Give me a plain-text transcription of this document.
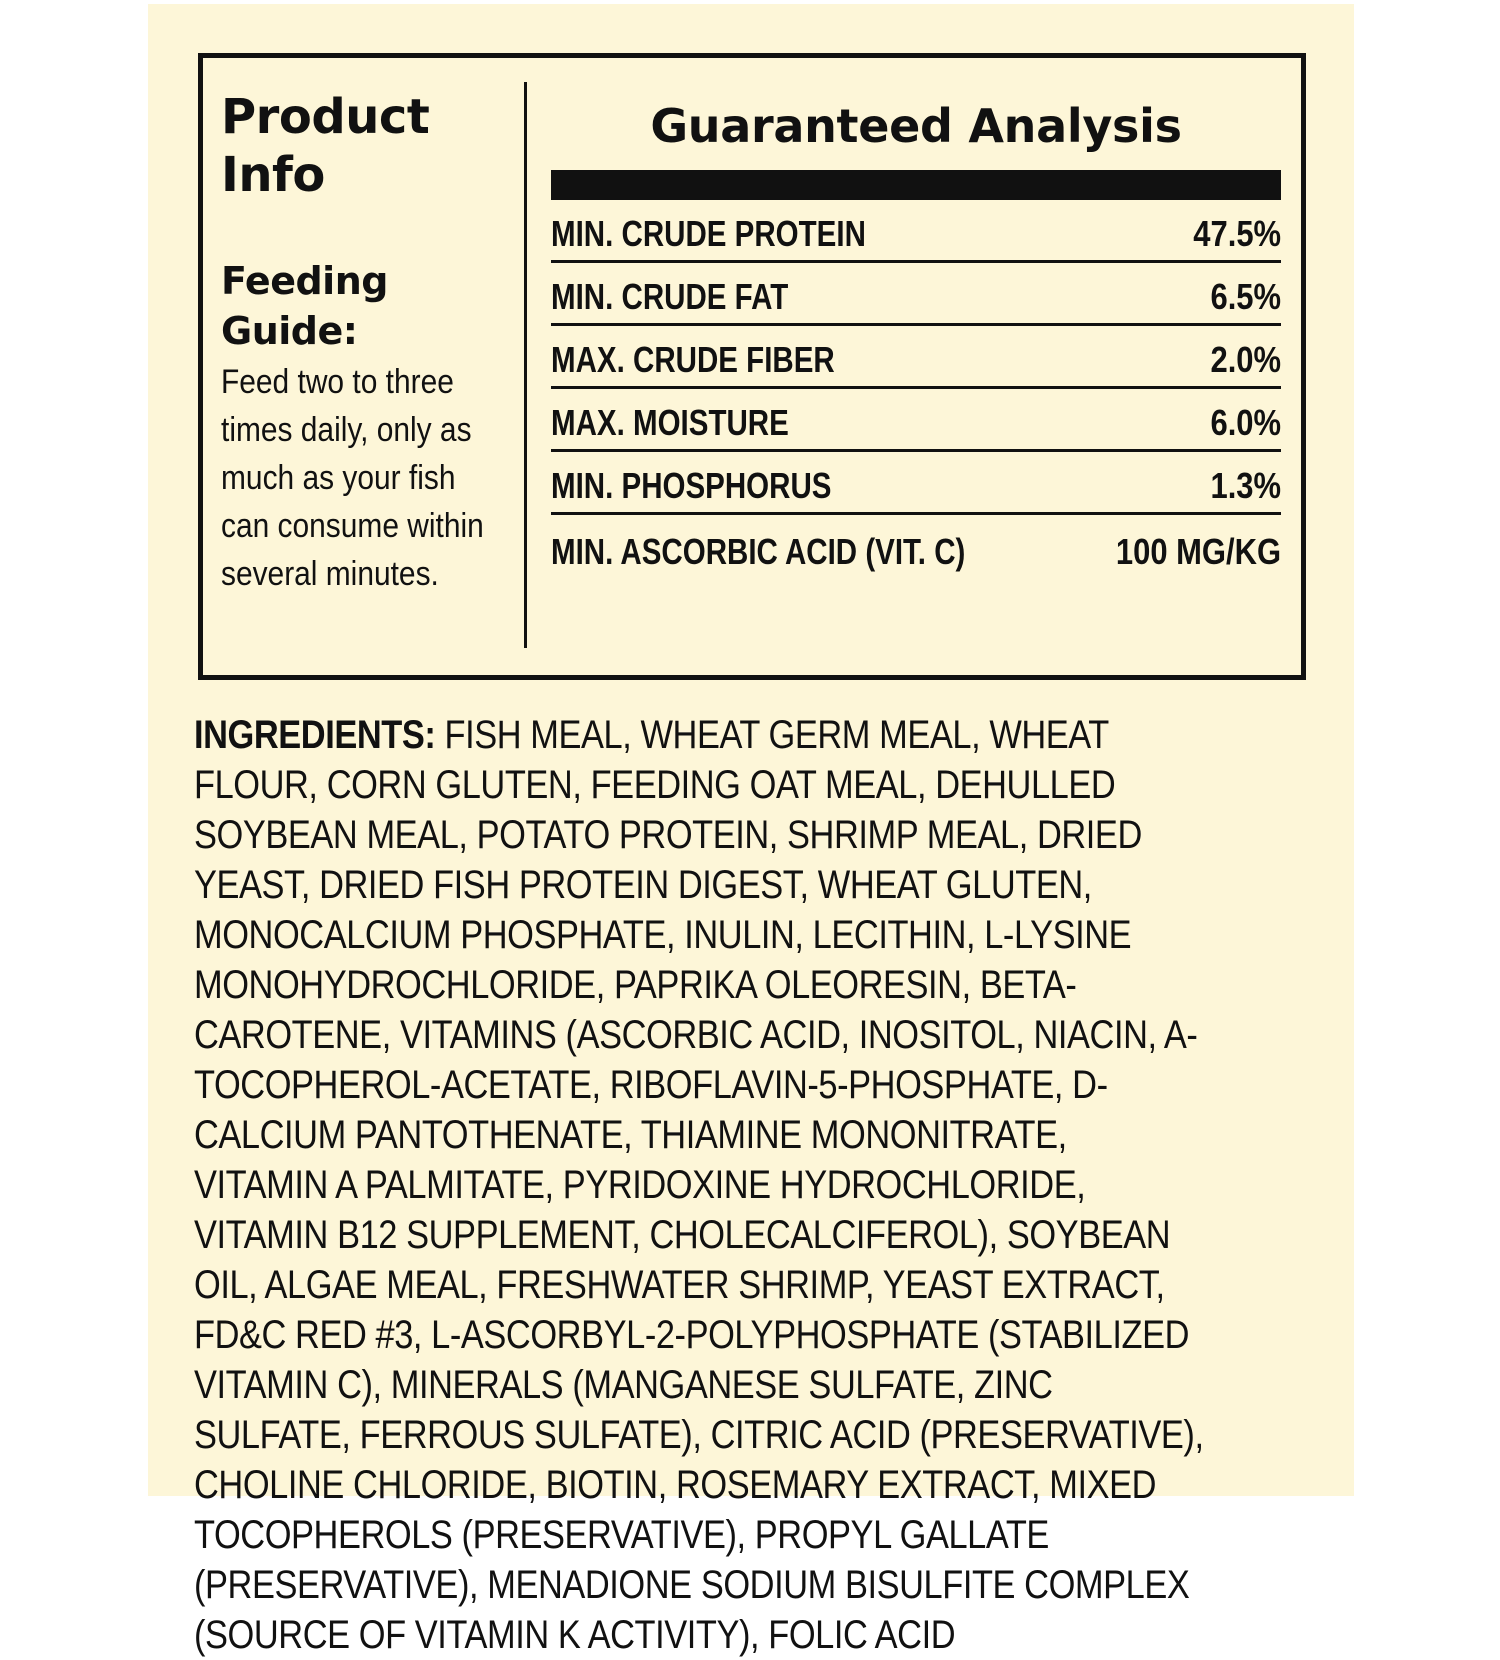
Product
Info
Feeding
Guide:

Feed two to three times daily, only as much as your fish can consume within several minutes.

Guaranteed Analysis
MIN. CRUDE PROTEIN	47.5%
MIN. CRUDE FAT	6.5%
MAX. CRUDE FIBER	2.0%
MAX. MOISTURE	6.0%
MIN. PHOSPHORUS	1.3%
MIN. ASCORBIC ACID (VIT. C)	100 MG/KG
INGREDIENTS: FISH MEAL, WHEAT GERM MEAL, WHEAT FLOUR, CORN GLUTEN, FEEDING OAT MEAL, DEHULLED SOYBEAN MEAL, POTATO PROTEIN, SHRIMP MEAL, DRIED YEAST, DRIED FISH PROTEIN DIGEST, WHEAT GLUTEN, MONOCALCIUM PHOSPHATE, INULIN, LECITHIN, L-LYSINE MONOHYDROCHLORIDE, PAPRIKA OLEORESIN, BETA-CAROTENE, VITAMINS (ASCORBIC ACID, INOSITOL, NIACIN, A-TOCOPHEROL-ACETATE, RIBOFLAVIN-5-PHOSPHATE, D-CALCIUM PANTOTHENATE, THIAMINE MONONITRATE, VITAMIN A PALMITATE, PYRIDOXINE HYDROCHLORIDE, VITAMIN B12 SUPPLEMENT, CHOLECALCIFEROL), SOYBEAN OIL, ALGAE MEAL, FRESHWATER SHRIMP, YEAST EXTRACT, FD&C RED #3, L-ASCORBYL-2-POLYPHOSPHATE (STABILIZED VITAMIN C), MINERALS (MANGANESE SULFATE, ZINC SULFATE, FERROUS SULFATE), CITRIC ACID (PRESERVATIVE), CHOLINE CHLORIDE, BIOTIN, ROSEMARY EXTRACT, MIXED TOCOPHEROLS (PRESERVATIVE), PROPYL GALLATE (PRESERVATIVE), MENADIONE SODIUM BISULFITE COMPLEX (SOURCE OF VITAMIN K ACTIVITY), FOLIC ACID
